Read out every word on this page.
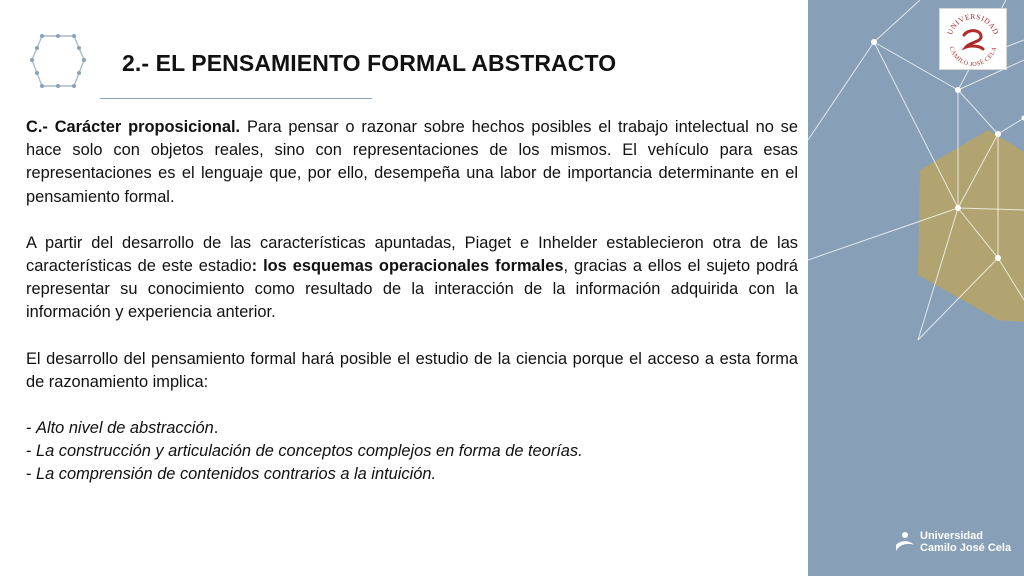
2.- EL PENSAMIENTO FORMAL ABSTRACTO

C.- Carácter proposicional. Para pensar o razonar sobre hechos posibles el trabajo intelectual no se hace solo con objetos reales, sino con representaciones de los mismos. El vehículo para esas representaciones es el lenguaje que, por ello, desempeña una labor de importancia determinante en el pensamiento formal.

A partir del desarrollo de las características apuntadas, Piaget e Inhelder establecieron otra de las características de este estadio: los esquemas operacionales formales, gracias a ellos el sujeto podrá representar su conocimiento como resultado de la interacción de la información adquirida con la información y experiencia anterior.

El desarrollo del pensamiento formal hará posible el estudio de la ciencia porque el acceso a esta forma de razonamiento implica:

- Alto nivel de abstracción.

- La construcción y articulación de conceptos complejos en forma de teorías.

- La comprensión de contenidos contrarios a la intuición.

UNIVERSIDAD
CAMILO JOSÉ CELA
Universidad
Camilo José Cela
